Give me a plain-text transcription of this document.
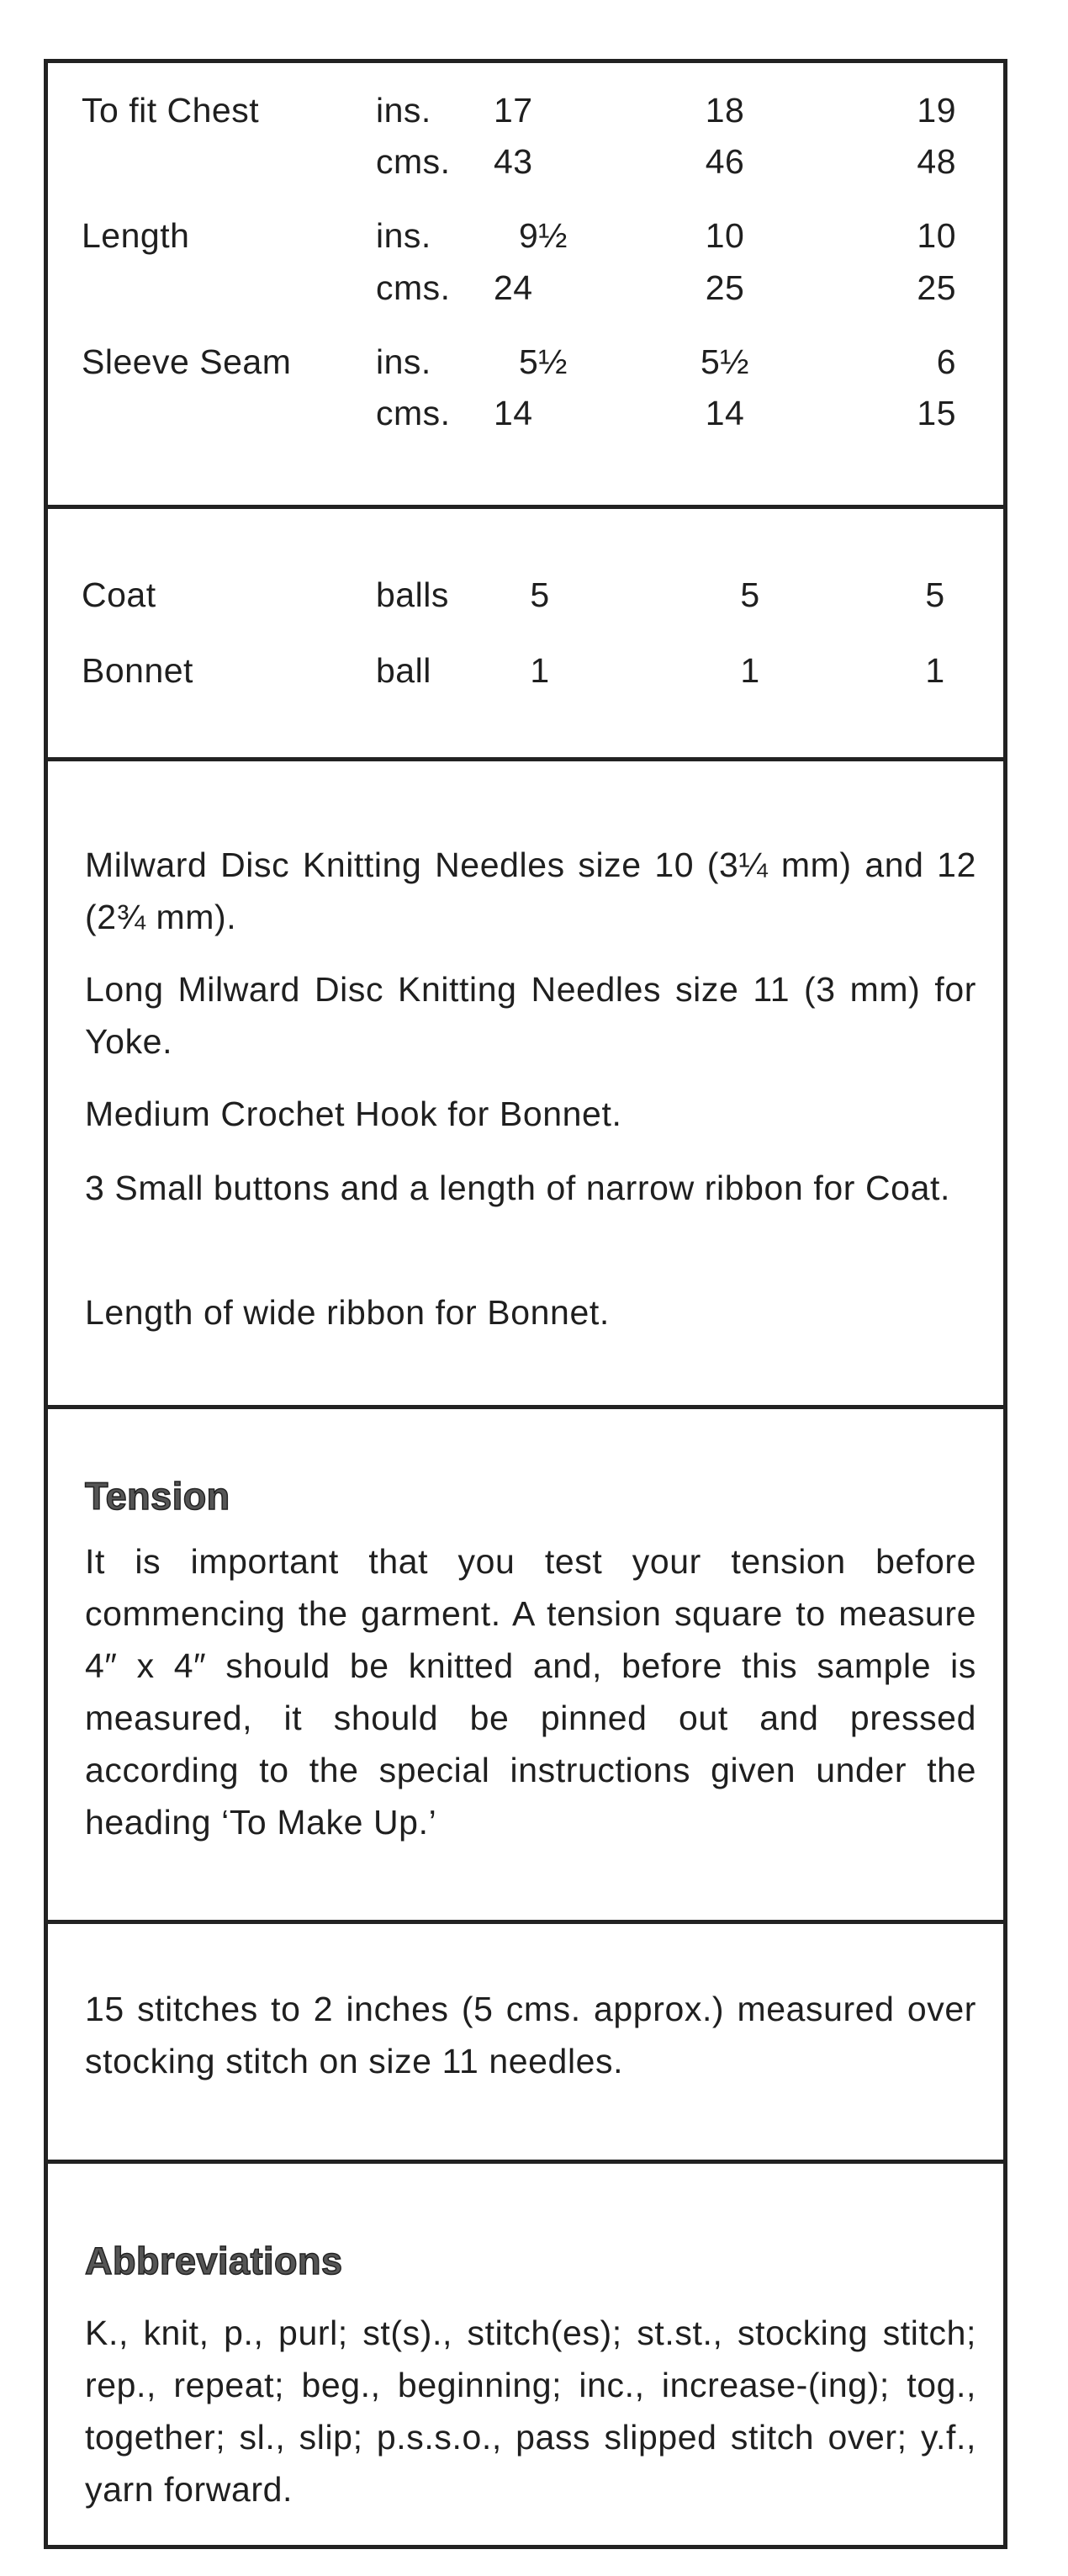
To fit Chest	ins. 17	18	19
cms. 43	46	48
Length	ins.	9½	10	10
cms. 24	25	25
Sleeve Seam ins.	5½	5½	6
cms. 14	14	15
Coat	balls	5	5	5
Bonnet	ball	1	1	1

Milward Disc Knitting Needles size 10 (3¼ mm) and 12 (2¾ mm).

Long Milward Disc Knitting Needles size 11 (3 mm) for Yoke.

Medium Crochet Hook for Bonnet.

3 Small buttons and a length of narrow ribbon for Coat.

Length of wide ribbon for Bonnet.

Tension

It is important that you test your tension before commencing the garment. A tension square to measure 4″ x 4″ should be knitted and, before this sample is measured, it should be pinned out and pressed according to the special instructions given under the heading ‘To Make Up.’

15 stitches to 2 inches (5 cms. approx.) measured over stocking stitch on size 11 needles.

Abbreviations

K., knit, p., purl; st(s)., stitch(es); st.st., stocking stitch; rep., repeat; beg., beginning; inc., increase-(ing); tog., together; sl., slip; p.s.s.o., pass slipped stitch over; y.f., yarn forward.
